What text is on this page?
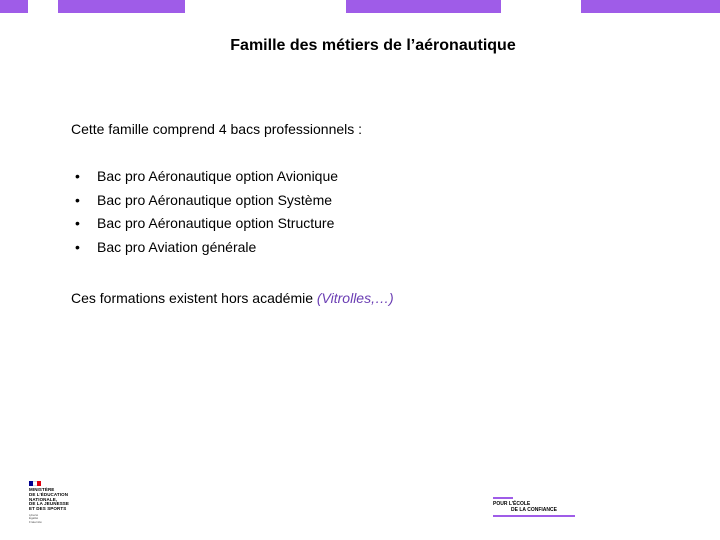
Famille des métiers de l’aéronautique
Cette famille comprend 4 bacs professionnels :
• Bac pro Aéronautique option Avionique
• Bac pro Aéronautique option Système
• Bac pro Aéronautique option Structure
• Bac pro Aviation générale
Ces formations existent hors académie (Vitrolles,…)
MINISTÈRE
DE L’ÉDUCATION
NATIONALE,
DE LA JEUNESSE
ET DES SPORTS
Liberté
Égalité
Fraternité
POUR L’ÉCOLE
DE LA CONFIANCE
